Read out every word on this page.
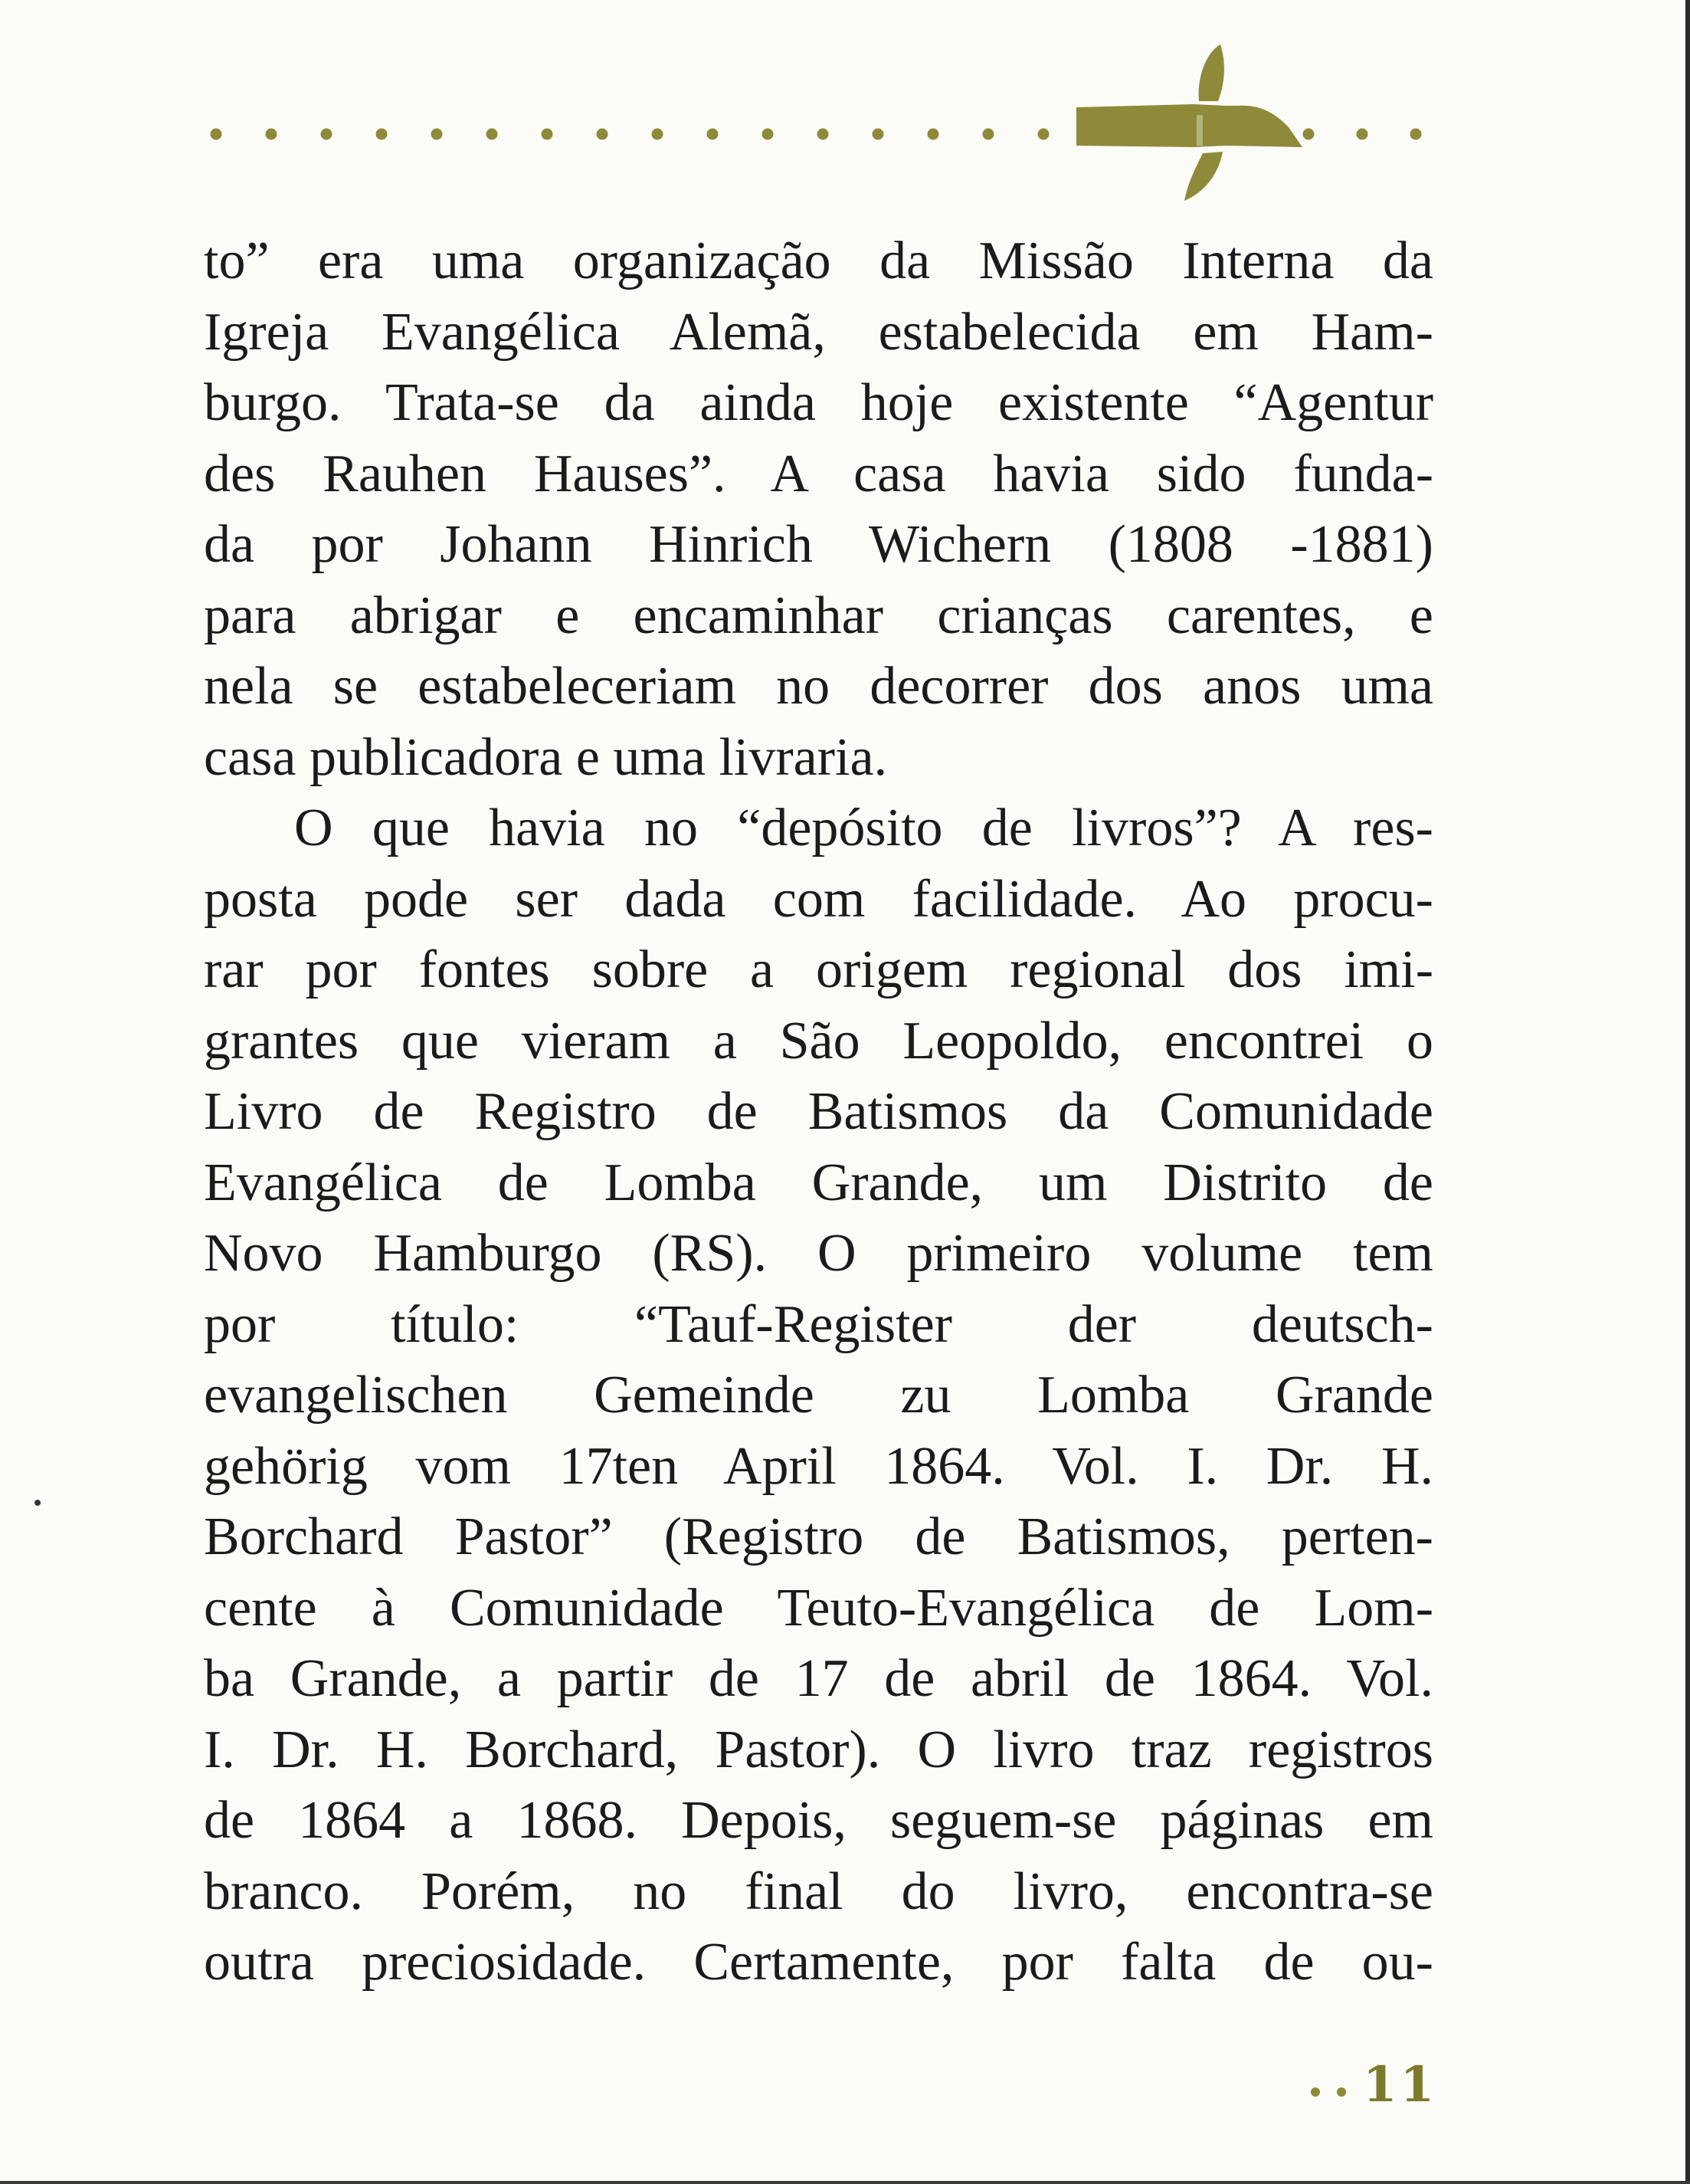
to” era uma organização da Missão Interna da
Igreja Evangélica Alemã, estabelecida em Ham-
burgo. Trata-se da ainda hoje existente “Agentur
des Rauhen Hauses”. A casa havia sido funda-
da por Johann Hinrich Wichern (1808 -1881)
para abrigar e encaminhar crianças carentes, e
nela se estabeleceriam no decorrer dos anos uma
casa publicadora e uma livraria.
O que havia no “depósito de livros”? A res-
posta pode ser dada com facilidade. Ao procu-
rar por fontes sobre a origem regional dos imi-
grantes que vieram a São Leopoldo, encontrei o
Livro de Registro de Batismos da Comunidade
Evangélica de Lomba Grande, um Distrito de
Novo Hamburgo (RS). O primeiro volume tem
por título: “Tauf-Register der deutsch-
evangelischen Gemeinde zu Lomba Grande
gehörig vom 17ten April 1864. Vol. I. Dr. H.
Borchard Pastor” (Registro de Batismos, perten-
cente à Comunidade Teuto-Evangélica de Lom-
ba Grande, a partir de 17 de abril de 1864. Vol.
I. Dr. H. Borchard, Pastor). O livro traz registros
de 1864 a 1868. Depois, seguem-se páginas em
branco. Porém, no final do livro, encontra-se
outra preciosidade. Certamente, por falta de ou-
11
